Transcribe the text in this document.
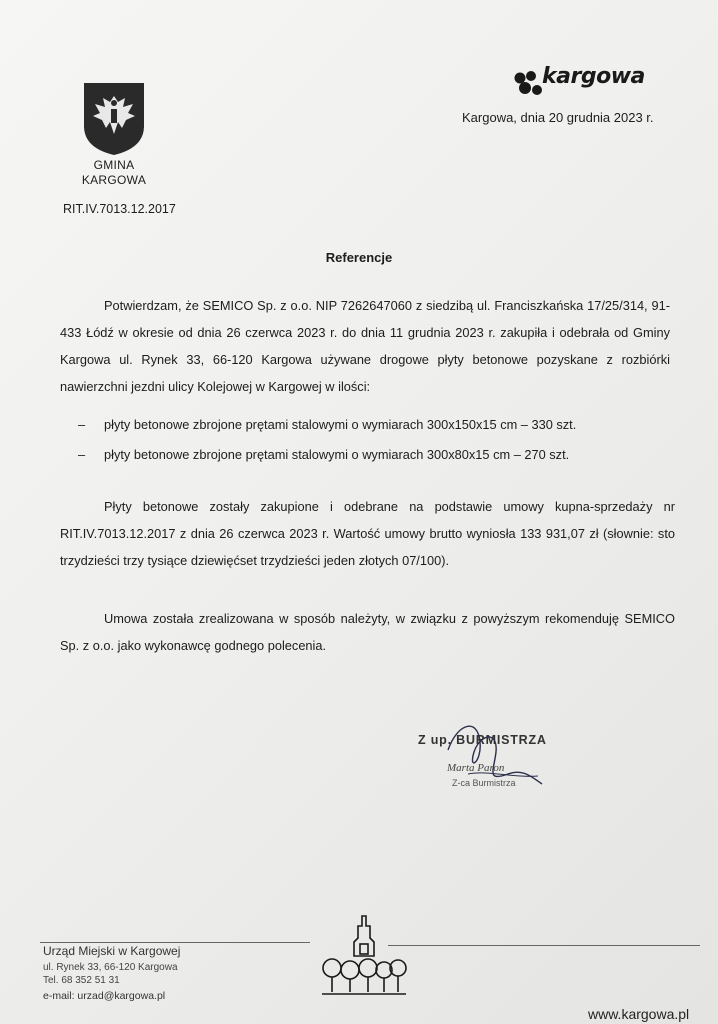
GMINA
KARGOWA
RIT.IV.7013.12.2017
kargowa
Kargowa, dnia 20 grudnia 2023 r.
Referencje
Potwierdzam, że SEMICO Sp. z o.o. NIP 7262647060 z siedzibą ul. Franciszkańska 17/25/314, 91-433 Łódź w okresie od dnia 26 czerwca 2023 r. do dnia 11 grudnia 2023 r. zakupiła i odebrała od Gminy Kargowa ul. Rynek 33, 66-120 Kargowa używane drogowe płyty betonowe pozyskane z rozbiórki nawierzchni jezdni ulicy Kolejowej w Kargowej w ilości:
– płyty betonowe zbrojone prętami stalowymi o wymiarach 300x150x15 cm – 330 szt.
– płyty betonowe zbrojone prętami stalowymi o wymiarach 300x80x15 cm – 270 szt.
Płyty betonowe zostały zakupione i odebrane na podstawie umowy kupna-sprzedaży nr RIT.IV.7013.12.2017 z dnia 26 czerwca 2023 r. Wartość umowy brutto wyniosła 133 931,07 zł (słownie: sto trzydzieści trzy tysiące dziewięćset trzydzieści jeden złotych 07/100).
Umowa została zrealizowana w sposób należyty, w związku z powyższym rekomenduję SEMICO Sp. z o.o. jako wykonawcę godnego polecenia.
Z up. BURMISTRZA
Marta Paron
Z-ca Burmistrza
Urząd Miejski w Kargowej
ul. Rynek 33, 66-120 Kargowa
Tel. 68 352 51 31
e-mail: urzad@kargowa.pl
www.kargowa.pl
